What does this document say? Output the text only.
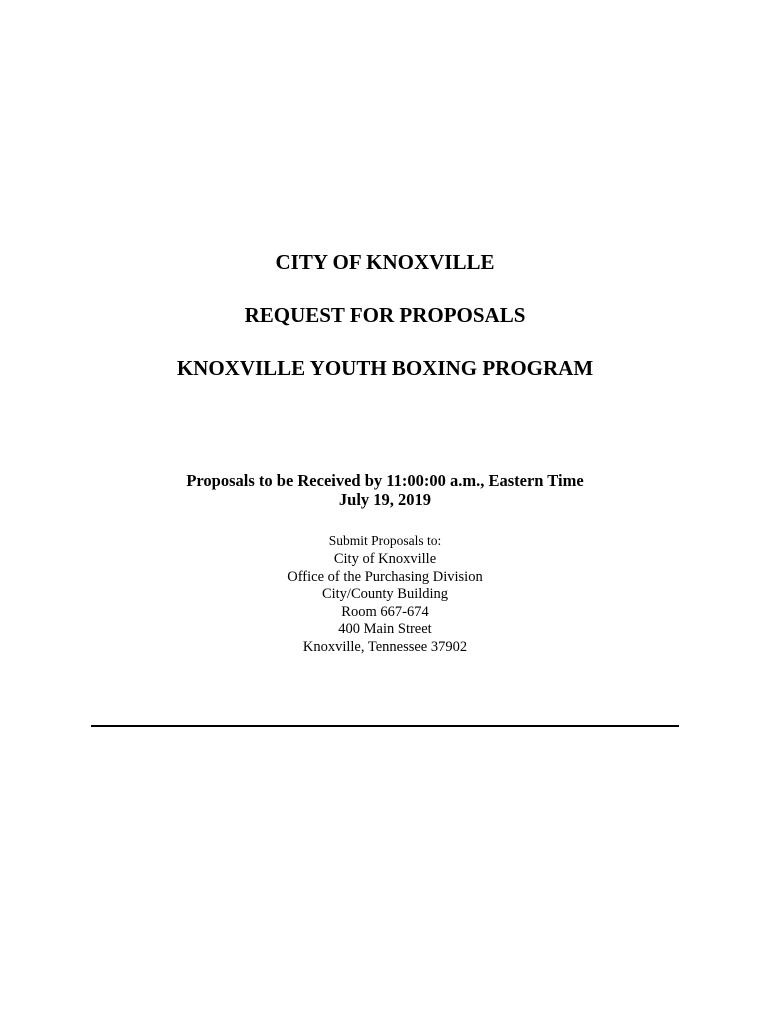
CITY OF KNOXVILLE
REQUEST FOR PROPOSALS
KNOXVILLE YOUTH BOXING PROGRAM
Proposals to be Received by 11:00:00 a.m., Eastern Time
July 19, 2019
Submit Proposals to:
City of Knoxville
Office of the Purchasing Division
City/County Building
Room 667-674
400 Main Street
Knoxville, Tennessee 37902
